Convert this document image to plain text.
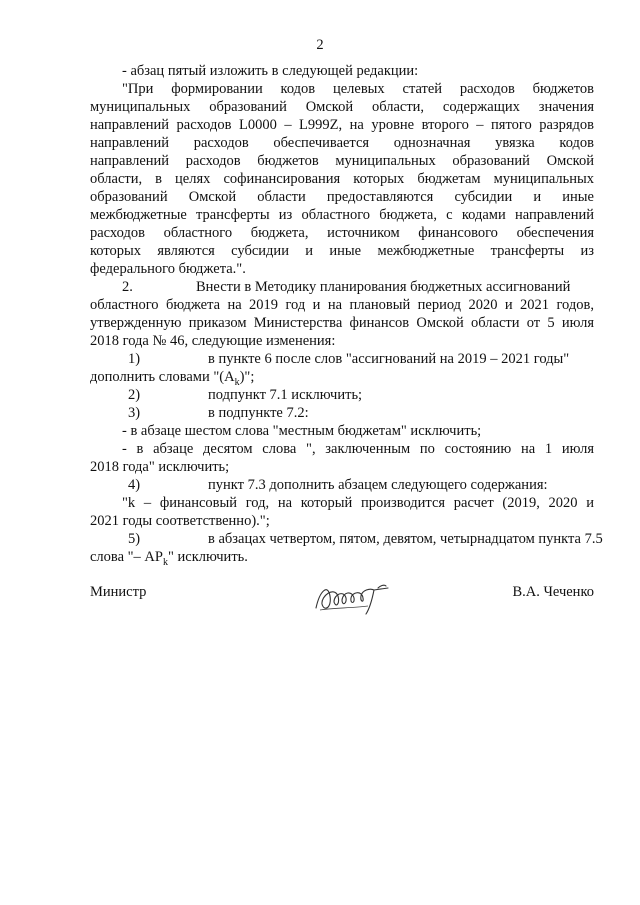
2
- абзац пятый изложить в следующей редакции:
"При формировании кодов целевых статей расходов бюджетов
муниципальных образований Омской области, содержащих значения
направлений расходов L0000 – L999Z, на уровне второго – пятого разрядов
направлений расходов обеспечивается однозначная увязка кодов
направлений расходов бюджетов муниципальных образований Омской
области, в целях софинансирования которых бюджетам муниципальных
образований Омской области предоставляются субсидии и иные
межбюджетные трансферты из областного бюджета, с кодами направлений
расходов областного бюджета, источником финансового обеспечения
которых являются субсидии и иные межбюджетные трансферты из
федерального бюджета.".
2.	Внести в Методику планирования бюджетных ассигнований
областного бюджета на 2019 год и на плановый период 2020 и 2021 годов,
утвержденную приказом Министерства финансов Омской области от 5 июля
2018 года № 46, следующие изменения:
1)	в пункте 6 после слов "ассигнований на 2019 – 2021 годы"
дополнить словами "$(A_k)$";
2)	подпункт 7.1 исключить;
3)	в подпункте 7.2:
- в абзаце шестом слова "местным бюджетам" исключить;
- в абзаце десятом слова ", заключенным по состоянию на 1 июля
2018 года" исключить;
4)	пункт 7.3 дополнить абзацем следующего содержания:
"k – финансовый год, на который производится расчет (2019, 2020 и
2021 годы соответственно).";
5)	в абзацах четвертом, пятом, девятом, четырнадцатом пункта 7.5
слова "– $AP_k$" исключить.
Министр	В.А. Чеченко
